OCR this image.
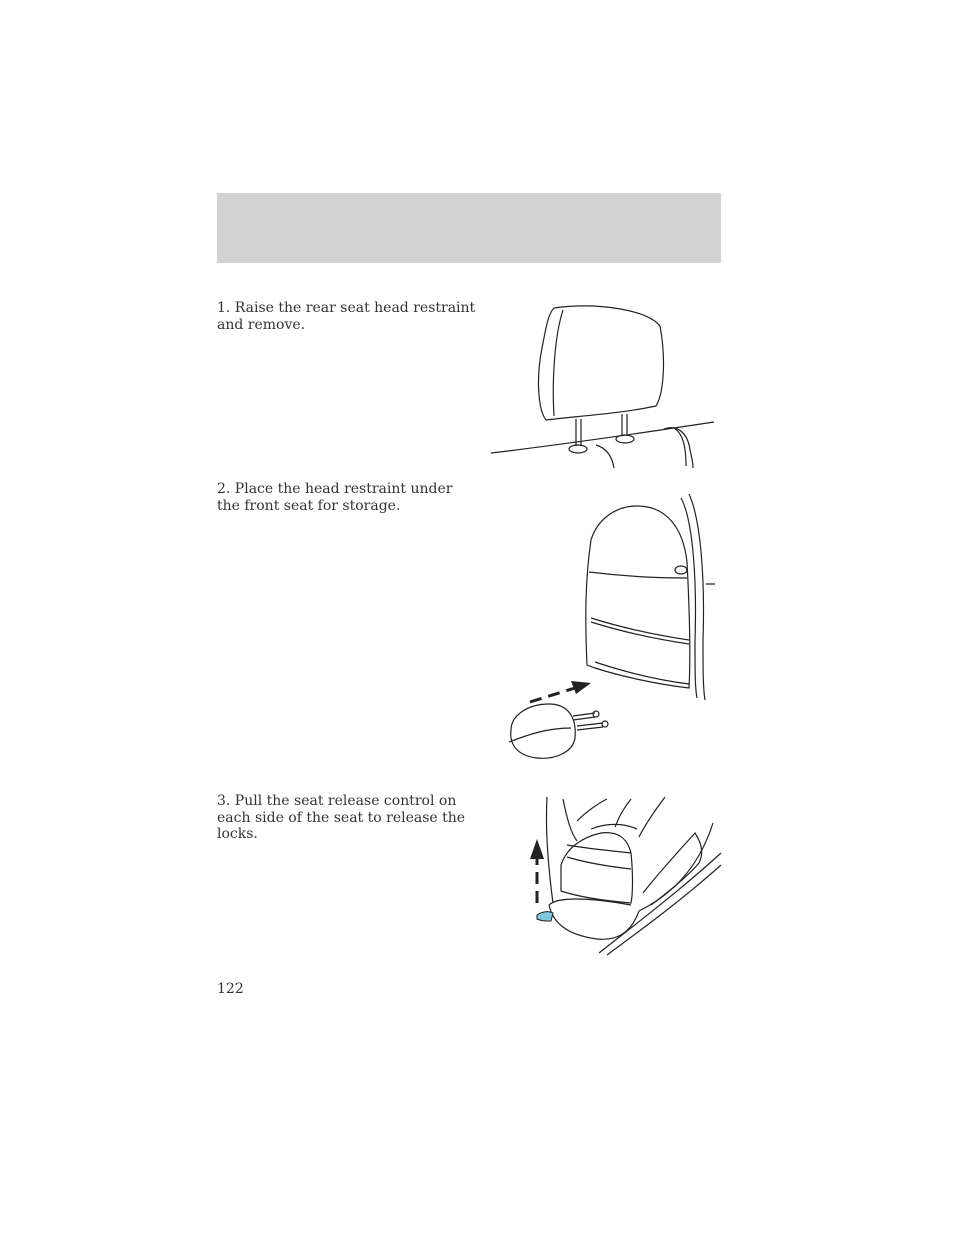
1. Raise the rear seat head restraint and remove.

2. Place the head restraint under the front seat for storage.

3. Pull the seat release control on each side of the seat to release the locks.

122
